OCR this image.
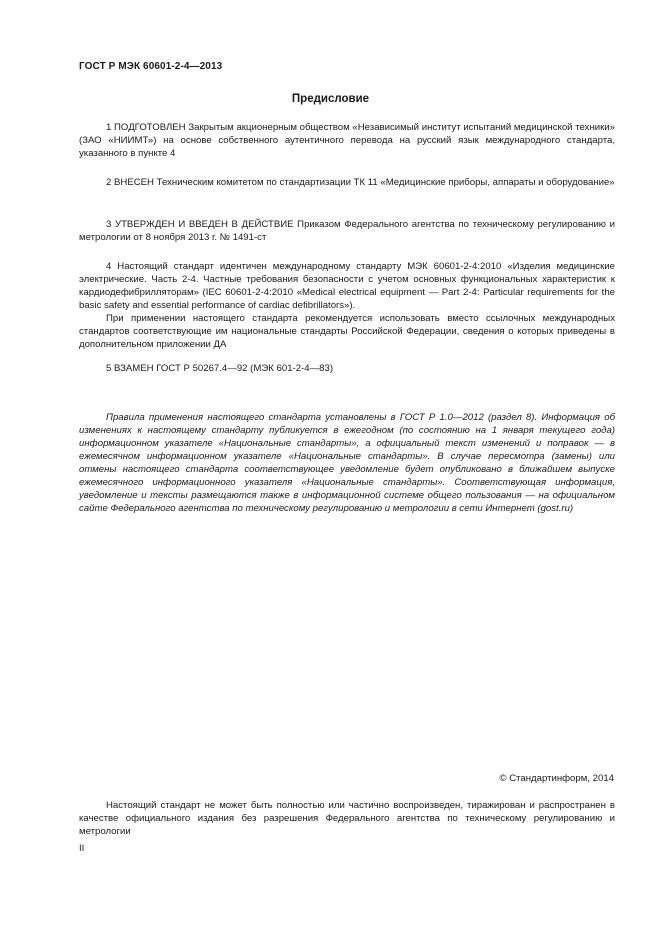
ГОСТ Р МЭК 60601-2-4—2013
Предисловие

1 ПОДГОТОВЛЕН Закрытым акционерным обществом «Независимый институт испытаний медицинской техники» (ЗАО «НИИМТ») на основе собственного аутентичного перевода на русский язык международного стандарта, указанного в пункте 4

2 ВНЕСЕН Техническим комитетом по стандартизации ТК 11 «Медицинские приборы, аппараты и оборудование»

3 УТВЕРЖДЕН И ВВЕДЕН В ДЕЙСТВИЕ Приказом Федерального агентства по техническому регулированию и метрологии от 8 ноября 2013 г. № 1491-ст

4 Настоящий стандарт идентичен международному стандарту МЭК 60601-2-4:2010 «Изделия медицинские электрические. Часть 2-4. Частные требования безопасности с учетом основных функциональных характеристик к кардиодефибрилляторам» (IEC 60601-2-4:2010 «Medical electrical equipment — Part 2-4: Particular requirements for the basic safety and essential performance of cardiac defibrillators»).

При применении настоящего стандарта рекомендуется использовать вместо ссылочных международных стандартов соответствующие им национальные стандарты Российской Федерации, сведения о которых приведены в дополнительном приложении ДА

5 ВЗАМЕН ГОСТ Р 50267.4—92 (МЭК 601-2-4—83)

Правила применения настоящего стандарта установлены в ГОСТ Р 1.0—2012 (раздел 8). Информация об изменениях к настоящему стандарту публикуется в ежегодном (по состоянию на 1 января текущего года) информационном указателе «Национальные стандарты», а официальный текст изменений и поправок — в ежемесячном информационном указателе «Национальные стандарты». В случае пересмотра (замены) или отмены настоящего стандарта соответствующее уведомление будет опубликовано в ближайшем выпуске ежемесячного информационного указателя «Национальные стандарты». Соответствующая информация, уведомление и тексты размещаются также в информационной системе общего пользования — на официальном сайте Федерального агентства по техническому регулированию и метрологии в сети Интернет (gost.ru)

© Стандартинформ, 2014

Настоящий стандарт не может быть полностью или частично воспроизведен, тиражирован и распространен в качестве официального издания без разрешения Федерального агентства по техническому регулированию и метрологии

II
